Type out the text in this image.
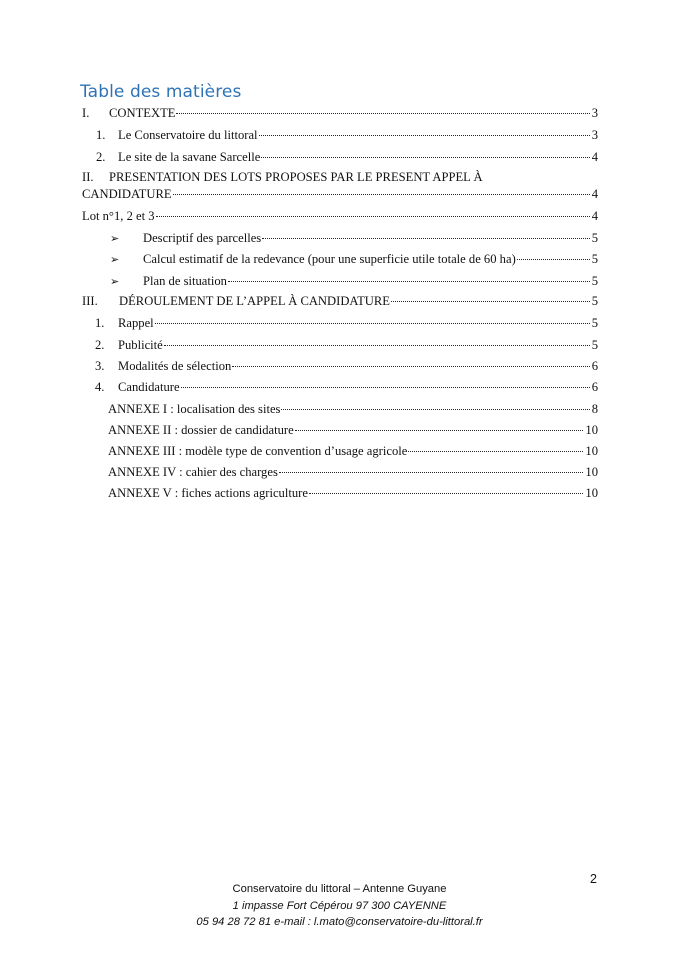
Table des matières
I.	CONTEXTE	3
1. Le Conservatoire du littoral	3
2. Le site de la savane Sarcelle	4
II.	PRESENTATION DES LOTS PROPOSES PAR LE PRESENT APPEL À
CANDIDATURE	4
Lot n°1, 2 et 3	4
➢	Descriptif des parcelles	5
➢	Calcul estimatif de la redevance (pour une superficie utile totale de 60 ha)	5
➢	Plan de situation	5
III.	DÉROULEMENT DE L’APPEL À CANDIDATURE	5
1.	Rappel	5
2.	Publicité	5
3.	Modalités de sélection	6
4.	Candidature	6
ANNEXE I : localisation des sites	8
ANNEXE II : dossier de candidature	10
ANNEXE III : modèle type de convention d’usage agricole	10
ANNEXE IV : cahier des charges	10
ANNEXE V : fiches actions agriculture	10
2
Conservatoire du littoral – Antenne Guyane
1 impasse Fort Cépérou 97 300 CAYENNE
05 94 28 72 81 e-mail : l.mato@conservatoire-du-littoral.fr
